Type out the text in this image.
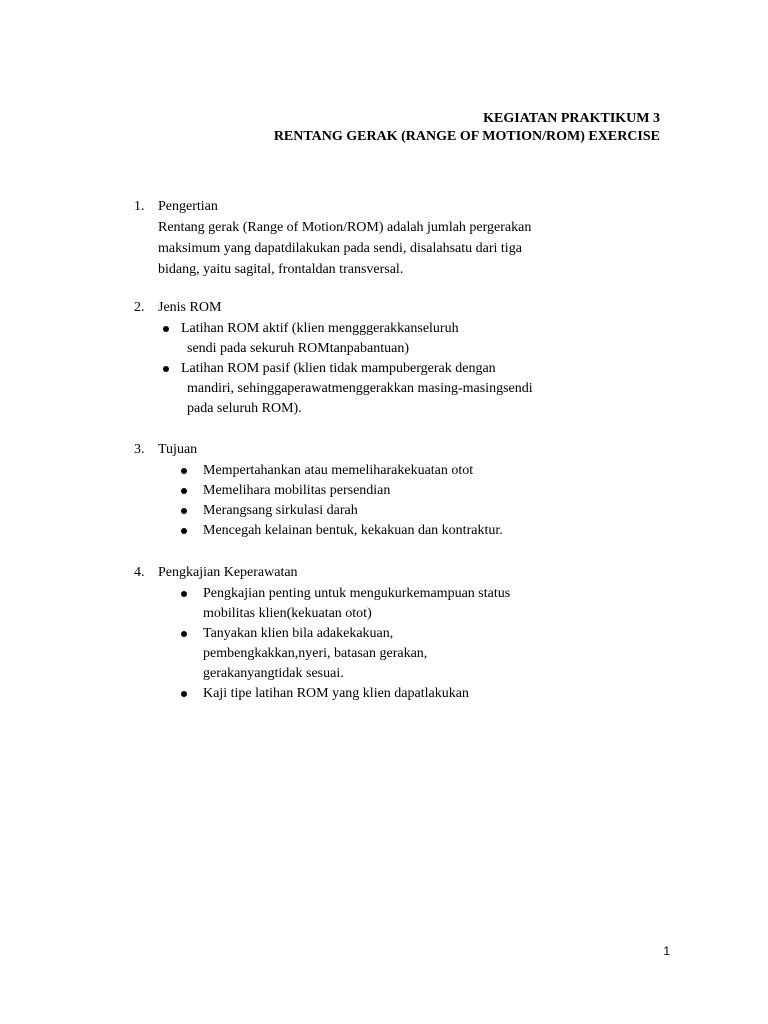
KEGIATAN PRAKTIKUM 3
RENTANG GERAK (RANGE OF MOTION/ROM) EXERCISE
1. Pengertian
Rentang gerak (Range of Motion/ROM) adalah jumlah pergerakan
maksimum yang dapatdilakukan pada sendi, disalahsatu dari tiga
bidang, yaitu sagital, frontaldan transversal.
2. Jenis ROM
Latihan ROM aktif (klien mengggerakkanseluruh
sendi pada sekuruh ROMtanpabantuan)
Latihan ROM pasif (klien tidak mampubergerak dengan
mandiri, sehinggaperawatmenggerakkan masing-masingsendi
pada seluruh ROM).
3. Tujuan
Mempertahankan atau memeliharakekuatan otot
Memelihara mobilitas persendian
Merangsang sirkulasi darah
Mencegah kelainan bentuk, kekakuan dan kontraktur.
4. Pengkajian Keperawatan
Pengkajian penting untuk mengukurkemampuan status
mobilitas klien(kekuatan otot)
Tanyakan klien bila adakekakuan,
pembengkakkan,nyeri, batasan gerakan,
gerakanyangtidak sesuai.
Kaji tipe latihan ROM yang klien dapatlakukan
1
